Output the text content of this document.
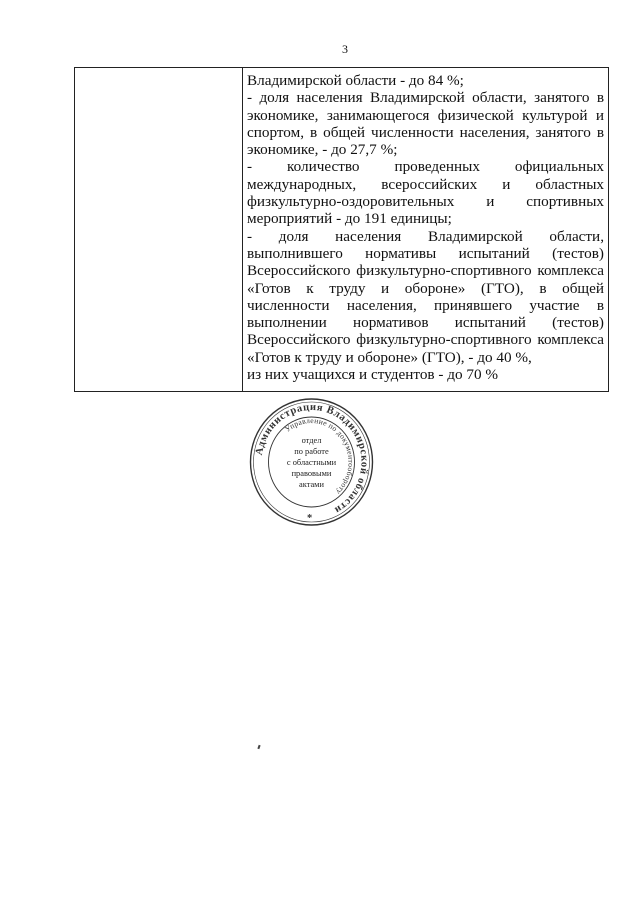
3

Владимирской области - до 84 %;

- доля населения Владимирской области, занятого в экономике, занимающегося физической культурой и спортом, в общей численности населения, занятого в экономике, - до 27,7 %;

- количество проведенных официальных международных, всероссийских и областных физкультурно-оздоровительных и спортивных мероприятий - до 191 единицы;

- доля населения Владимирской области, выполнившего нормативы испытаний (тестов) Всероссийского физкультурно-спортивного комплекса «Готов к труду и обороне» (ГТО), в общей численности населения, принявшего участие в выполнении нормативов испытаний (тестов) Всероссийского физкультурно-спортивного комплекса «Готов к труду и обороне» (ГТО), - до 40 %,

из них учащихся и студентов - до 70 %

Администрация Владимирской области
Управление по документообороту
*
отдел
по работе
с областными
правовыми
актами
